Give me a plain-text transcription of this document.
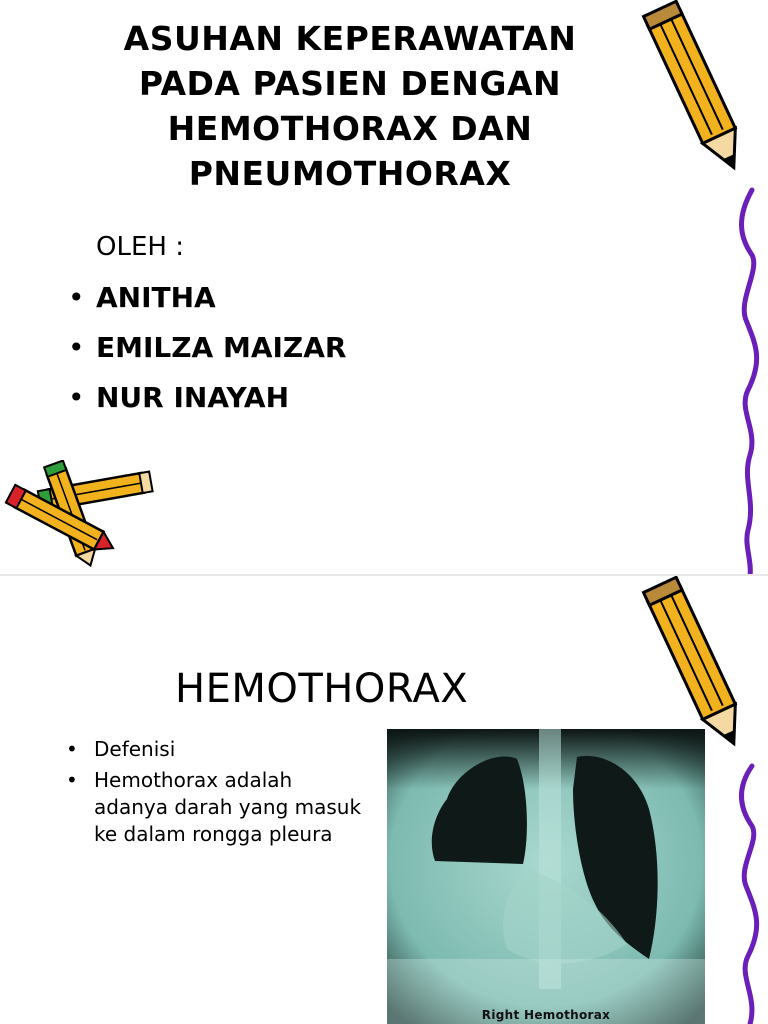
ASUHAN KEPERAWATAN
PADA PASIEN DENGAN
HEMOTHORAX DAN
PNEUMOTHORAX
OLEH :
• ANITHA
• EMILZA MAIZAR
• NUR INAYAH
HEMOTHORAX
• Defenisi
• Hemothorax adalah adanya darah yang masuk ke dalam rongga pleura
Right Hemothorax
